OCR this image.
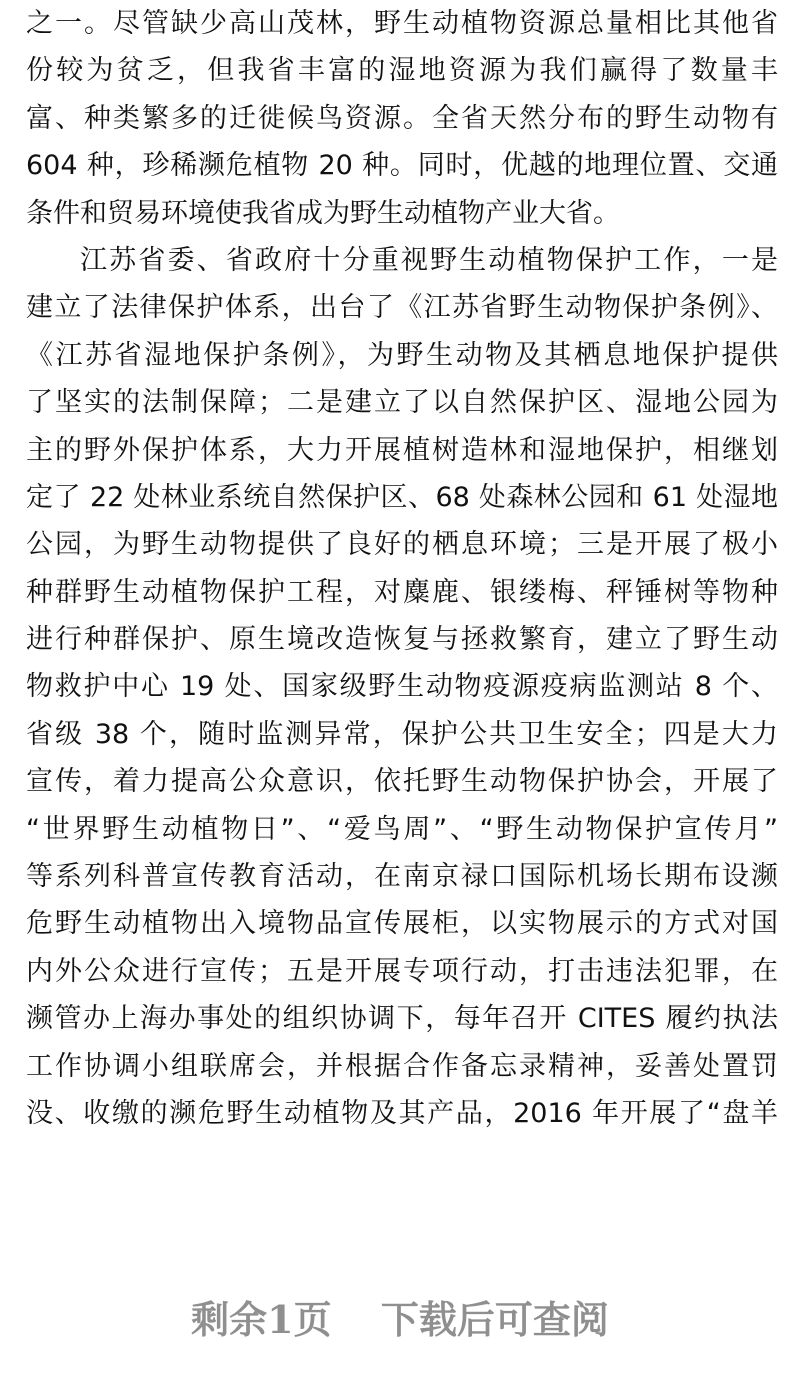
之一。尽管缺少高山茂林，野生动植物资源总量相比其他省
份较为贫乏，但我省丰富的湿地资源为我们赢得了数量丰
富、种类繁多的迁徙候鸟资源。全省天然分布的野生动物有
604 种，珍稀濒危植物 20 种。同时，优越的地理位置、交通
条件和贸易环境使我省成为野生动植物产业大省。
江苏省委、省政府十分重视野生动植物保护工作，一是
建立了法律保护体系，出台了《江苏省野生动物保护条例》、
《江苏省湿地保护条例》，为野生动物及其栖息地保护提供
了坚实的法制保障；二是建立了以自然保护区、湿地公园为
主的野外保护体系，大力开展植树造林和湿地保护，相继划
定了 22 处林业系统自然保护区、68 处森林公园和 61 处湿地
公园，为野生动物提供了良好的栖息环境；三是开展了极小
种群野生动植物保护工程，对麋鹿、银缕梅、秤锤树等物种
进行种群保护、原生境改造恢复与拯救繁育，建立了野生动
物救护中心 19 处、国家级野生动物疫源疫病监测站 8 个、
省级 38 个，随时监测异常，保护公共卫生安全；四是大力
宣传，着力提高公众意识，依托野生动物保护协会，开展了
“世界野生动植物日”、“爱鸟周”、“野生动物保护宣传月”
等系列科普宣传教育活动，在南京禄口国际机场长期布设濒
危野生动植物出入境物品宣传展柜，以实物展示的方式对国
内外公众进行宣传；五是开展专项行动，打击违法犯罪，在
濒管办上海办事处的组织协调下，每年召开 CITES 履约执法
工作协调小组联席会，并根据合作备忘录精神，妥善处置罚
没、收缴的濒危野生动植物及其产品，2016 年开展了“盘羊
剩余1页 下载后可查阅
